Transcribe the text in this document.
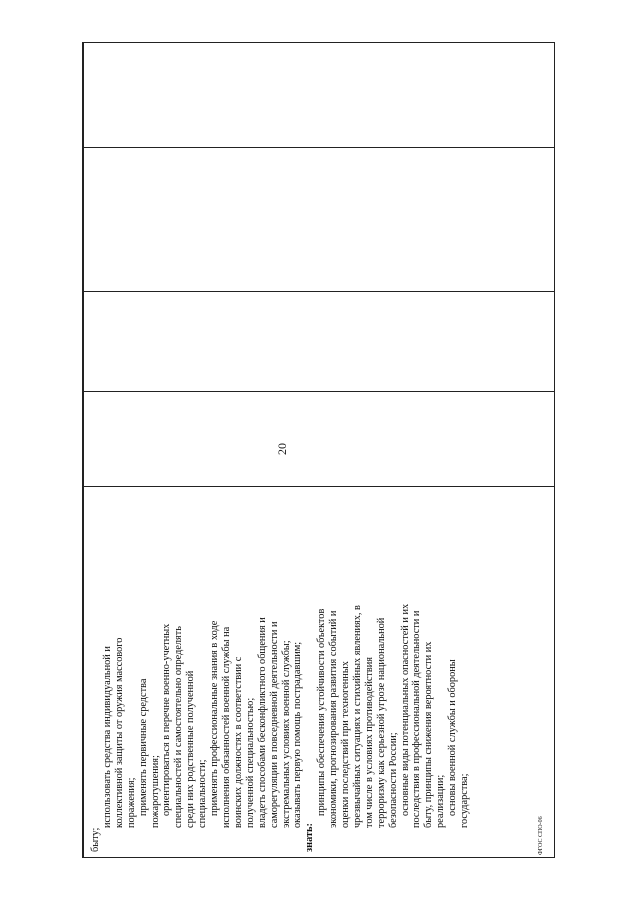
быту;
использовать средства индивидуальной и коллективной защиты от оружия массового поражения; применять первичные средства пожаротушения; ориентироваться в перечне военно-учетных специальностей и самостоятельно определять среди них родственные полученной специальности; применять профессиональные знания в ходе исполнения обязанностей военной службы на воинских должностях в соответствии с полученной специальностью; владеть способами бесконфликтного общения и саморегуляции в повседневной деятельности и экстремальных условиях военной службы; оказывать первую помощь пострадавшим;
знать:
принципы обеспечения устойчивости объектов экономики, прогнозирования развития событий и оценки последствий при техногенных чрезвычайных ситуациях и стихийных явлениях, в том числе в условиях противодействия терроризму как серьезной угрозе национальной безопасности России; основные виды потенциальных опасностей и их последствия в профессиональной деятельности и быту, принципы снижения вероятности их реализации; основы военной службы и обороны государства;
20
ФГОС СПО-06
